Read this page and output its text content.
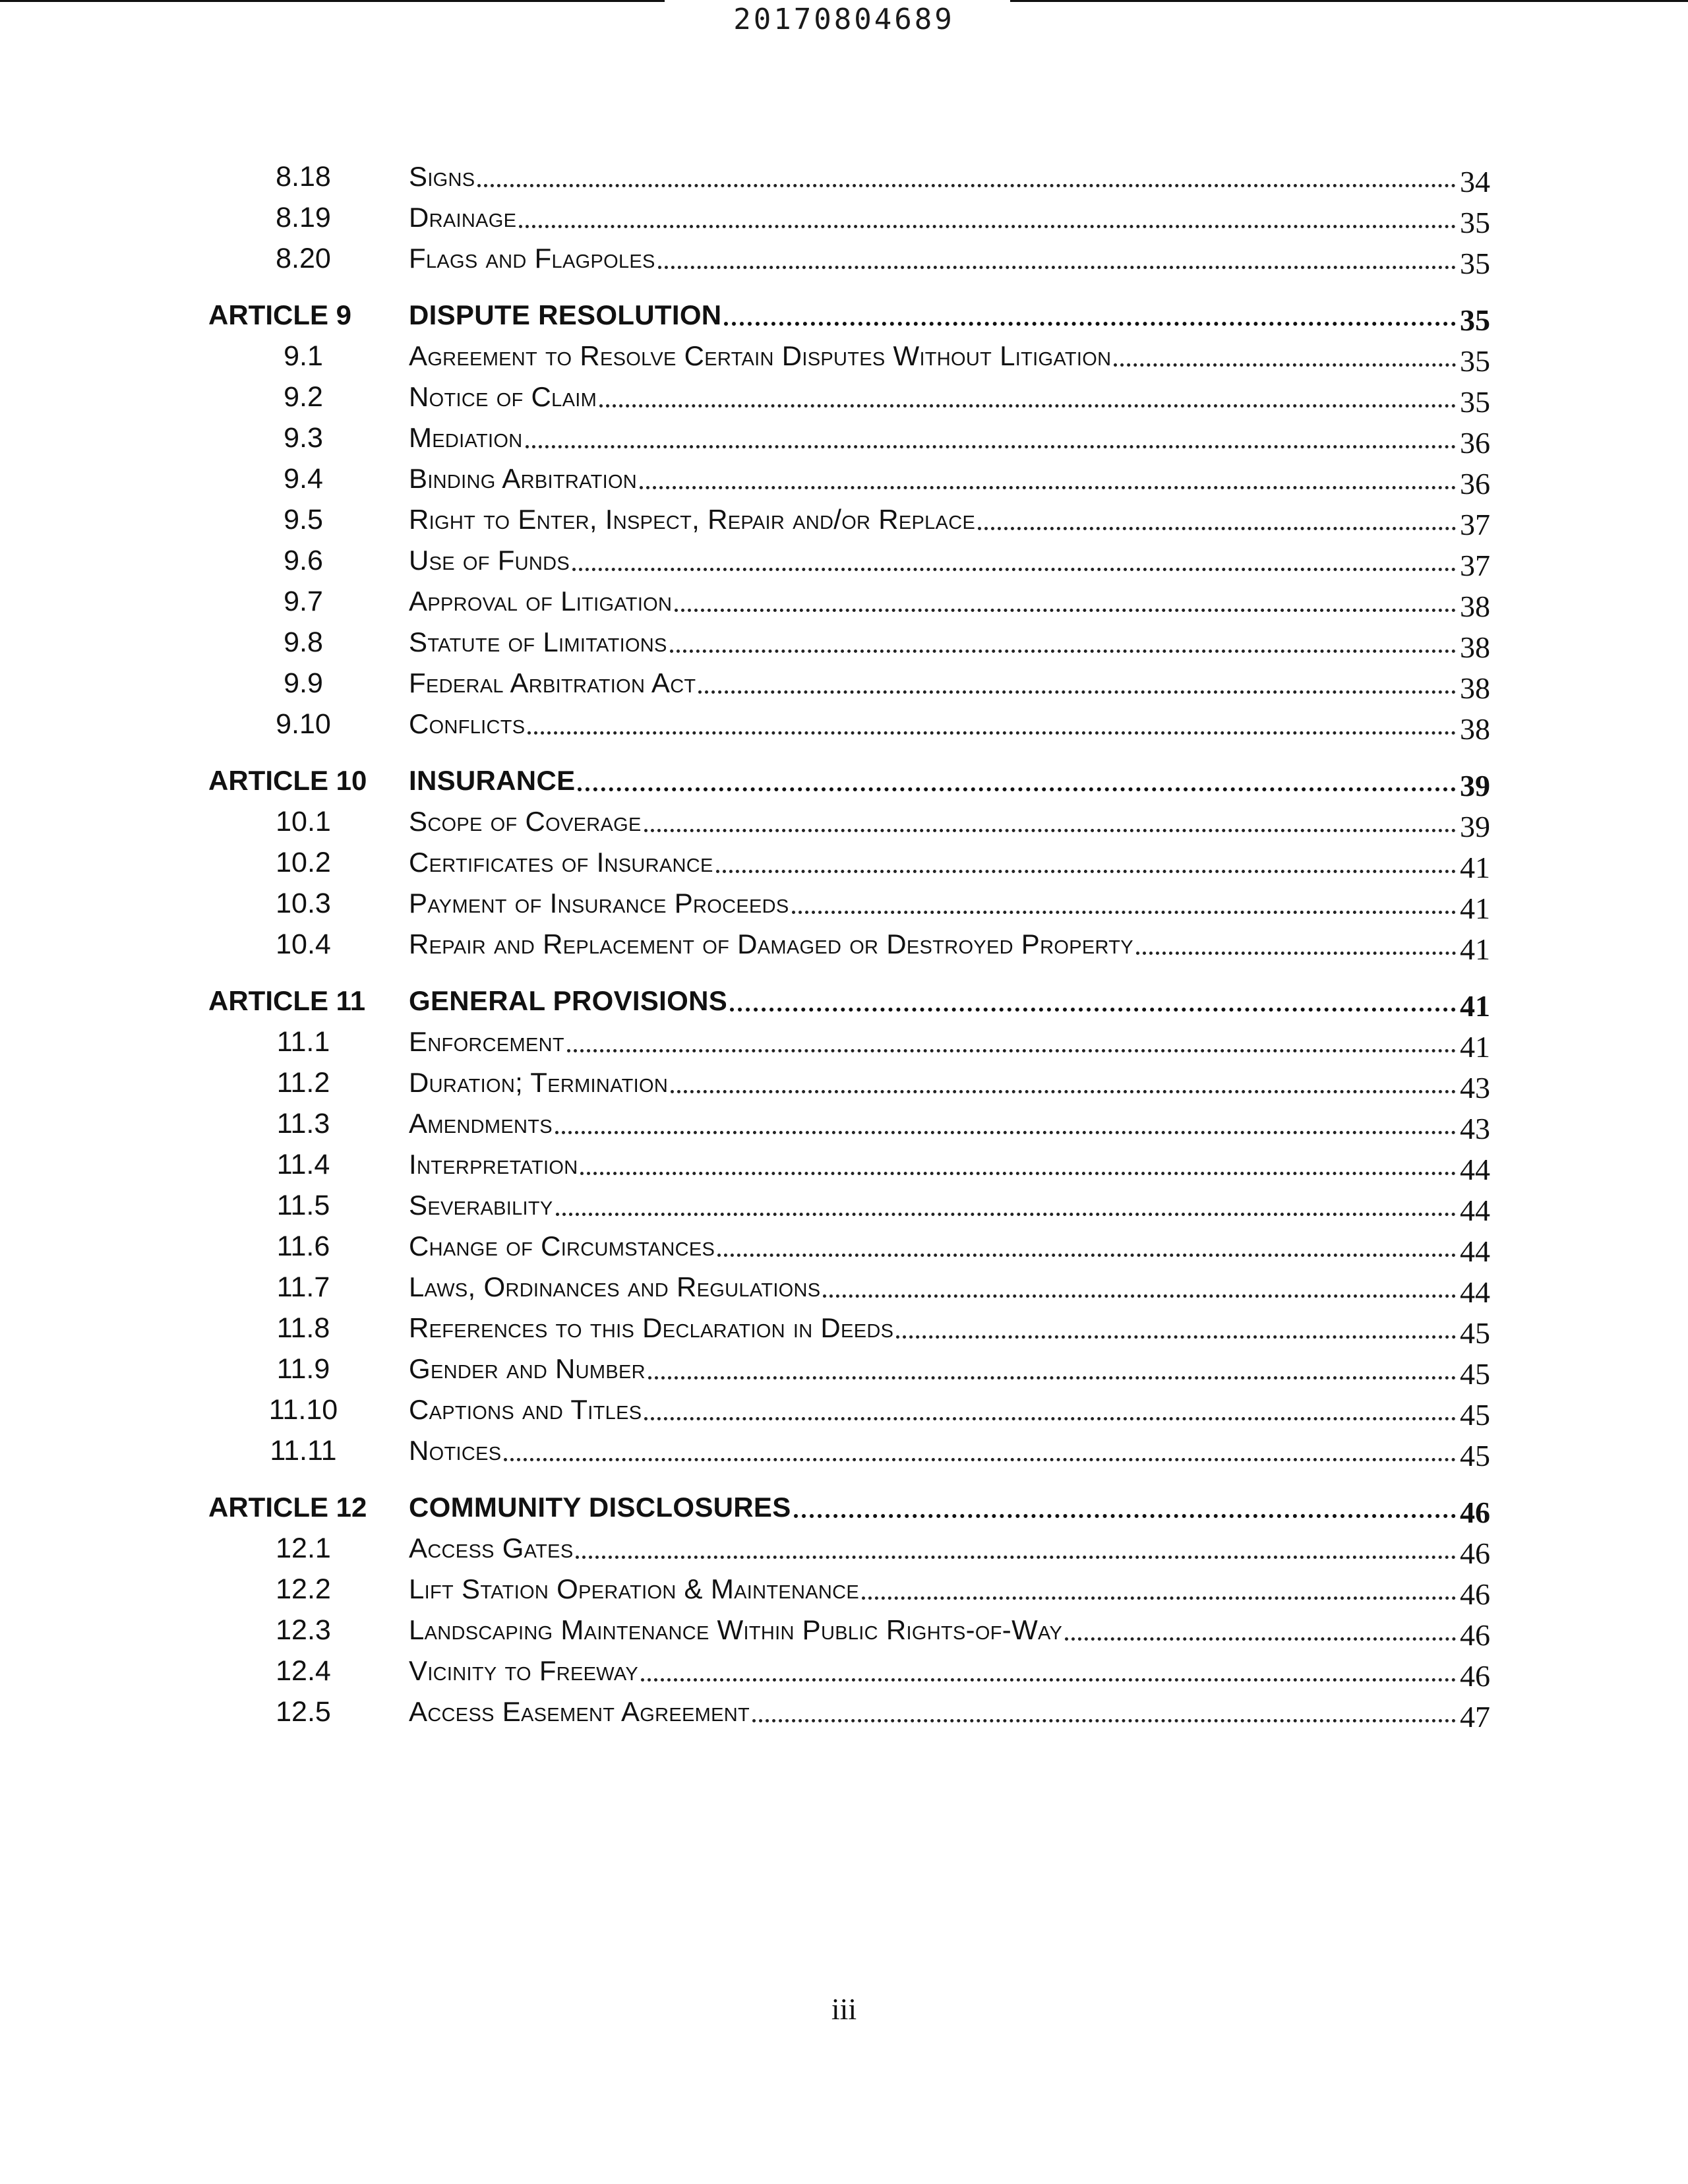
20170804689
8.18	Signs	34
8.19	Drainage	35
8.20	Flags and Flagpoles	35
ARTICLE 9	DISPUTE RESOLUTION	35
9.1	Agreement to Resolve Certain Disputes Without Litigation	35
9.2	Notice of Claim	35
9.3	Mediation	36
9.4	Binding Arbitration	36
9.5	Right to Enter, Inspect, Repair and/or Replace	37
9.6	Use of Funds	37
9.7	Approval of Litigation	38
9.8	Statute of Limitations	38
9.9	Federal Arbitration Act	38
9.10	Conflicts	38
ARTICLE 10	INSURANCE	39
10.1	Scope of Coverage	39
10.2	Certificates of Insurance	41
10.3	Payment of Insurance Proceeds	41
10.4	Repair and Replacement of Damaged or Destroyed Property	41
ARTICLE 11	GENERAL PROVISIONS	41
11.1	Enforcement	41
11.2	Duration; Termination	43
11.3	Amendments	43
11.4	Interpretation	44
11.5	Severability	44
11.6	Change of Circumstances	44
11.7	Laws, Ordinances and Regulations	44
11.8	References to this Declaration in Deeds	45
11.9	Gender and Number	45
11.10	Captions and Titles	45
11.11	Notices	45
ARTICLE 12	COMMUNITY DISCLOSURES	46
12.1	Access Gates	46
12.2	Lift Station Operation & Maintenance	46
12.3	Landscaping Maintenance Within Public Rights-of-Way	46
12.4	Vicinity to Freeway	46
12.5	Access Easement Agreement	47
iii
